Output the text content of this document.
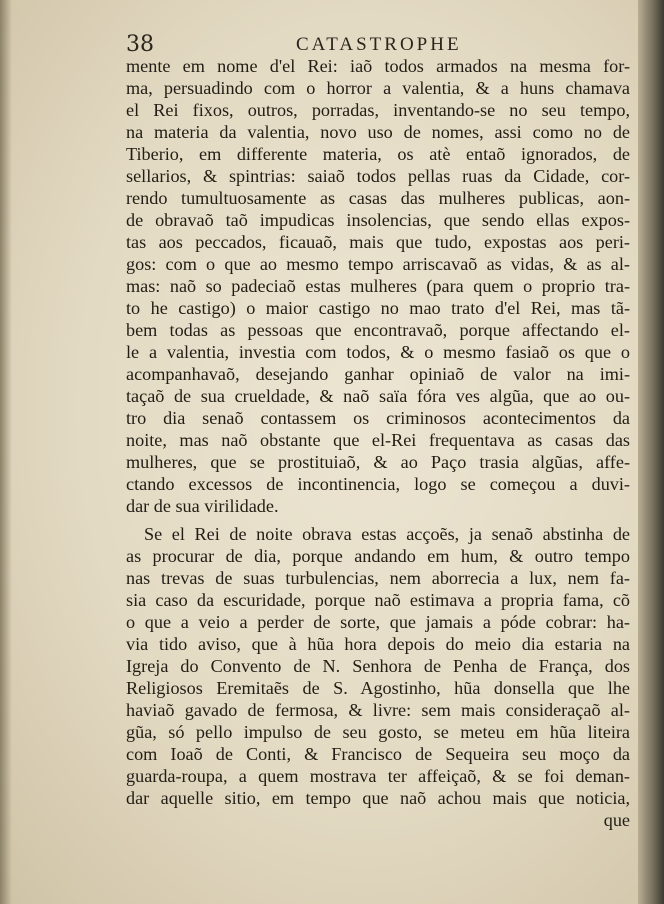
38	CATASTROPHE
mente em nome d'el Rei: iaõ todos armados na mesma for-
ma, persuadindo com o horror a valentia, & a huns chamava
el Rei fixos, outros, porradas, inventando-se no seu tempo,
na materia da valentia, novo uso de nomes, assi como no de
Tiberio, em differente materia, os atè entaõ ignorados, de
sellarios, & spintrias: saiaõ todos pellas ruas da Cidade, cor-
rendo tumultuosamente as casas das mulheres publicas, aon-
de obravaõ taõ impudicas insolencias, que sendo ellas expos-
tas aos peccados, ficauaõ, mais que tudo, expostas aos peri-
gos: com o que ao mesmo tempo arriscavaõ as vidas, & as al-
mas: naõ so padeciaõ estas mulheres (para quem o proprio tra-
to he castigo) o maior castigo no mao trato d'el Rei, mas tã-
bem todas as pessoas que encontravaõ, porque affectando el-
le a valentia, investia com todos, & o mesmo fasiaõ os que o
acompanhavaõ, desejando ganhar opiniaõ de valor na imi-
taçaõ de sua crueldade, & naõ saïa fóra ves algũa, que ao ou-
tro dia senaõ contassem os criminosos acontecimentos da
noite, mas naõ obstante que el-Rei frequentava as casas das
mulheres, que se prostituiaõ, & ao Paço trasia algũas, affe-
ctando excessos de incontinencia, logo se começou a duvi-
dar de sua virilidade.
Se el Rei de noite obrava estas acçoẽs, ja senaõ abstinha de
as procurar de dia, porque andando em hum, & outro tempo
nas trevas de suas turbulencias, nem aborrecia a lux, nem fa-
sia caso da escuridade, porque naõ estimava a propria fama, cõ
o que a veio a perder de sorte, que jamais a póde cobrar: ha-
via tido aviso, que à hũa hora depois do meio dia estaria na
Igreja do Convento de N. Senhora de Penha de França, dos
Religiosos Eremitaẽs de S. Agostinho, hũa donsella que lhe
haviaõ gavado de fermosa, & livre: sem mais consideraçaõ al-
gũa, só pello impulso de seu gosto, se meteu em hũa liteira
com Ioaõ de Conti, & Francisco de Sequeira seu moço da
guarda-roupa, a quem mostrava ter affeiçaõ, & se foi deman-
dar aquelle sitio, em tempo que naõ achou mais que noticia,
que
